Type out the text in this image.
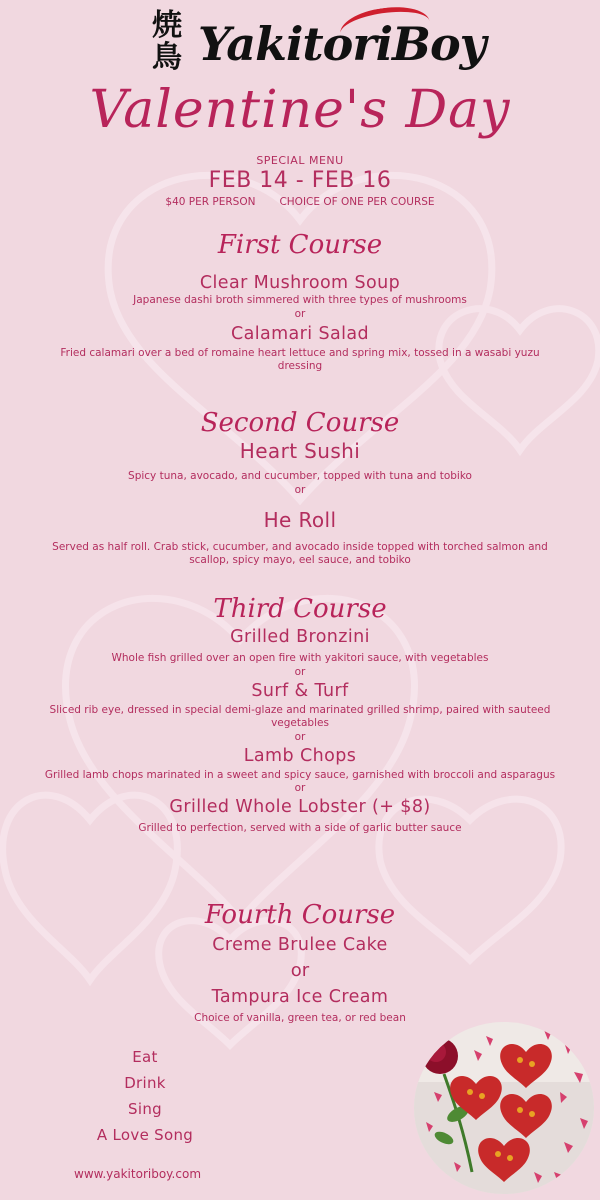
焼鳥 YakitoriBoy
Valentine's Day
SPECIAL MENU
FEB 14 - FEB 16
$40 PER PERSON CHOICE OF ONE PER COURSE
First Course
Clear Mushroom Soup
Japanese dashi broth simmered with three types of mushrooms
or
Calamari Salad
Fried calamari over a bed of romaine heart lettuce and spring mix, tossed in a wasabi yuzu dressing
Second Course
Heart Sushi
Spicy tuna, avocado, and cucumber, topped with tuna and tobiko
or
He Roll
Served as half roll. Crab stick, cucumber, and avocado inside topped with torched salmon and scallop, spicy mayo, eel sauce, and tobiko
Third Course
Grilled Bronzini
Whole fish grilled over an open fire with yakitori sauce, with vegetables
or
Surf & Turf
Sliced rib eye, dressed in special demi-glaze and marinated grilled shrimp, paired with sauteed vegetables
or
Lamb Chops
Grilled lamb chops marinated in a sweet and spicy sauce, garnished with broccoli and asparagus
or
Grilled Whole Lobster (+ $8)
Grilled to perfection, served with a side of garlic butter sauce
Fourth Course
Creme Brulee Cake
or
Tampura Ice Cream
Choice of vanilla, green tea, or red bean
Eat
Drink
Sing
A Love Song
www.yakitoriboy.com
